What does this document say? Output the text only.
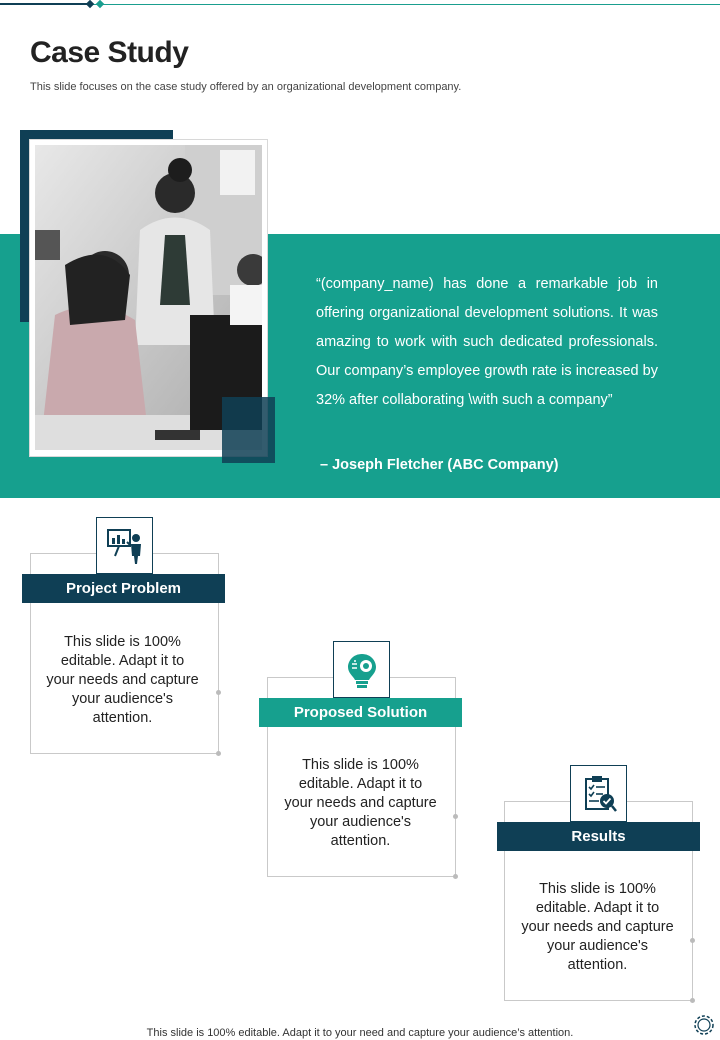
Case Study

This slide focuses on the case study offered by an organizational development company.

“(company_name) has done a remarkable job in offering organizational development solutions. It was amazing to work with such dedicated professionals. Our company’s employee growth rate is increased by 32% after collaborating \with such a company”

– Joseph Fletcher (ABC Company)

Project Problem

This slide is 100% editable. Adapt it to your needs and capture your audience's attention.	Proposed Solution

This slide is 100% editable. Adapt it to your needs and capture your audience's attention.	Results

This slide is 100% editable. Adapt it to your needs and capture your audience's attention.

This slide is 100% editable. Adapt it to your need and capture your audience’s attention.
